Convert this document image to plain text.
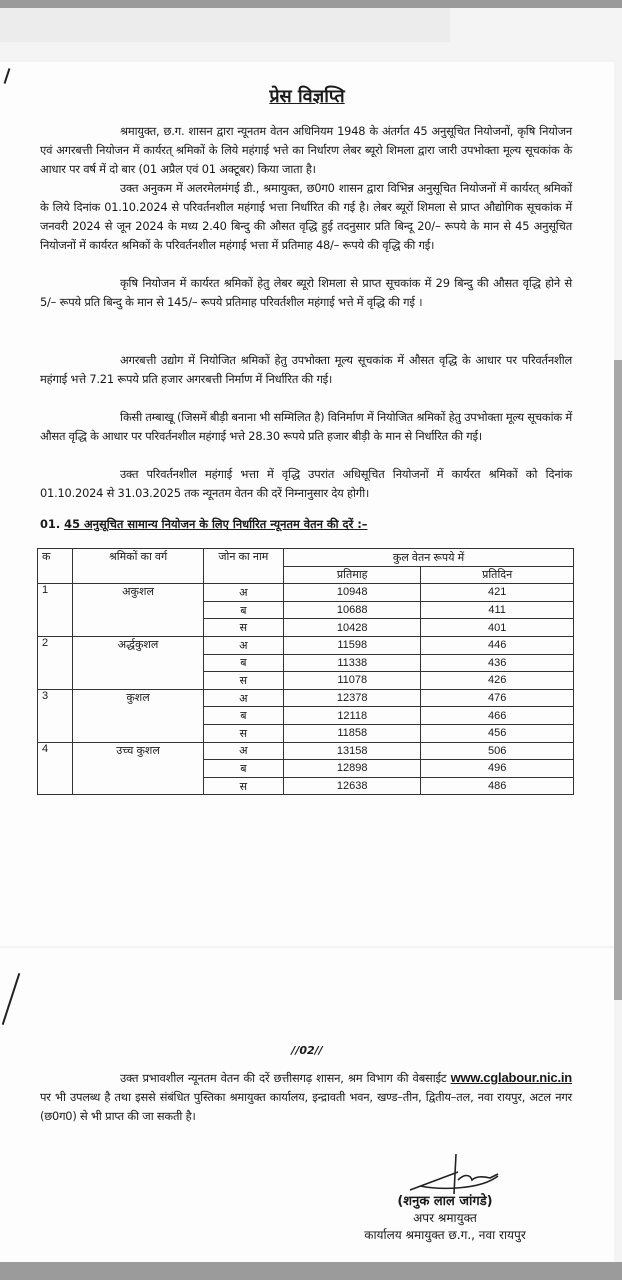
प्रेस विज्ञप्ति
श्रमायुक्त, छ.ग. शासन द्वारा न्यूनतम वेतन अधिनियम 1948 के अंतर्गत 45 अनुसूचित नियोजनों, कृषि नियोजन एवं अगरबत्ती नियोजन में कार्यरत् श्रमिकों के लिये महंगाई भत्ते का निर्धारण लेबर ब्यूरो शिमला द्वारा जारी उपभोक्ता मूल्य सूचकांक के आधार पर वर्ष में दो बार (01 अप्रैल एवं 01 अक्टूबर) किया जाता है।
उक्त अनुकम में अलरमेलमंगई डी., श्रमायुक्त, छ0ग0 शासन द्वारा विभिन्न अनुसूचित नियोजनों में कार्यरत् श्रमिकों के लिये दिनांक 01.10.2024 से परिवर्तनशील महंगाई भत्ता निर्धारित की गई है। लेबर ब्यूरों शिमला से प्राप्त औद्योगिक सूचकांक में जनवरी 2024 से जून 2024 के मध्य 2.40 बिन्दु की औसत वृद्धि हुई तदनुसार प्रति बिन्दू 20/– रूपये के मान से 45 अनुसूचित नियोजनों में कार्यरत श्रमिकों के परिवर्तनशील महंगाई भत्ता में प्रतिमाह 48/– रूपये की वृद्धि की गई।
कृषि नियोजन में कार्यरत श्रमिकों हेतु लेबर ब्यूरो शिमला से प्राप्त सूचकांक में 29 बिन्दु की औसत वृद्धि होने से 5/– रूपये प्रति बिन्दु के मान से 145/– रूपये प्रतिमाह परिवर्तशील महंगाई भत्ते में वृद्धि की गई ।
अगरबत्ती उद्योग में नियोजित श्रमिकों हेतु उपभोक्ता मूल्य सूचकांक में औसत वृद्धि के आधार पर परिवर्तनशील महंगाई भत्ते 7.21 रूपये प्रति हजार अगरबत्ती निर्माण में निर्धारित की गई।
किसी तम्बाखू (जिसमें बीड़ी बनाना भी सम्मिलित है) विनिर्माण में नियोजित श्रमिकों हेतु उपभोक्ता मूल्य सूचकांक में औसत वृद्धि के आधार पर परिवर्तनशील महंगाई भत्ते 28.30 रूपये प्रति हजार बीड़ी के मान से निर्धारित की गई।
उक्त परिवर्तनशील महंगाई भत्ता में वृद्धि उपरांत अधिसूचित नियोजनों में कार्यरत श्रमिकों को दिनांक 01.10.2024 से 31.03.2025 तक न्यूनतम वेतन की दरें निम्नानुसार देय होगी।
01. 45 अनुसूचित सामान्य नियोजन के लिए निर्धारित न्यूनतम वेतन की दरें :–
क	श्रमिकों का वर्ग	जोन का नाम	कुल वेतन रूपये में	
			प्रतिमाह	प्रतिदिन
1	अकुशल	अ	10948	421
		ब	10688	411
		स	10428	401
2	अर्द्धकुशल	अ	11598	446
		ब	11338	436
		स	11078	426
3	कुशल	अ	12378	476
		ब	12118	466
		स	11858	456
4	उच्च कुशल	अ	13158	506
		ब	12898	496
		स	12638	486
//02//
उक्त प्रभावशील न्यूनतम वेतन की दरें छत्तीसगढ़ शासन, श्रम विभाग की वेबसाईट www.cglabour.nic.in पर भी उपलब्ध है तथा इससे संबंधित पुस्तिका श्रमायुक्त कार्यालय, इन्द्रावती भवन, खण्ड–तीन, द्वितीय–तल, नवा रायपुर, अटल नगर (छ0ग0) से भी प्राप्त की जा सकती है।
(शनुक लाल जांगडे)
अपर श्रमायुक्त
कार्यालय श्रमायुक्त छ.ग., नवा रायपुर
